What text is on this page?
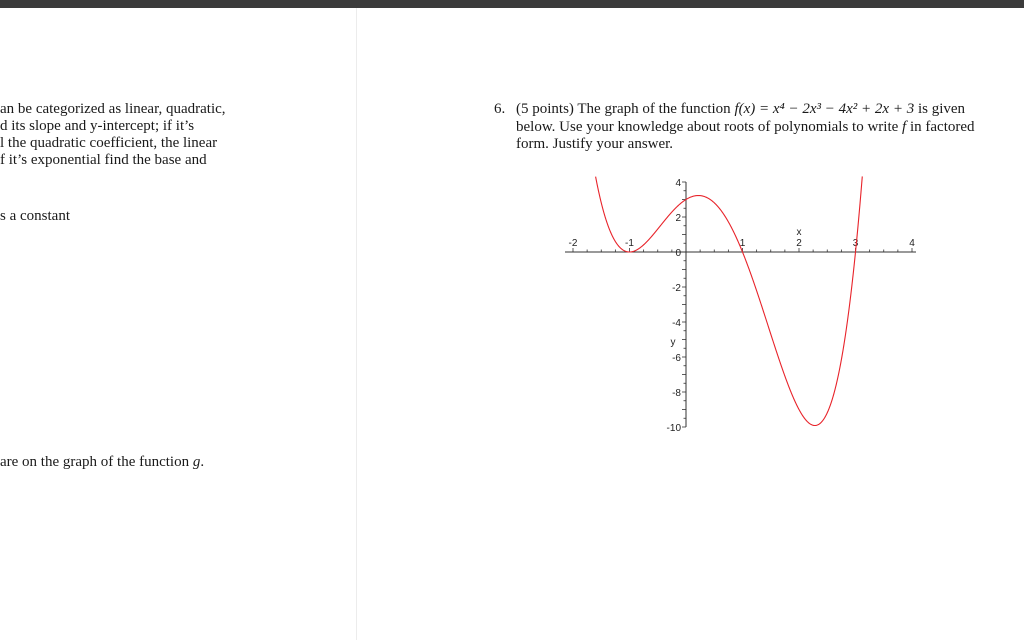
an be categorized as linear, quadratic,
d its slope and y-intercept; if it’s
l the quadratic coefficient, the linear
f it’s exponential find the base and
s a constant
are on the graph of the function g.
6. (5 points) The graph of the function f(x) = x⁴ − 2x³ − 4x² + 2x + 3 is given
below. Use your knowledge about roots of polynomials to write f in factored
form. Justify your answer.
-2	-1	1	2	3	4
4
2
0
-2
-4
-6
-8
-10
x
y
